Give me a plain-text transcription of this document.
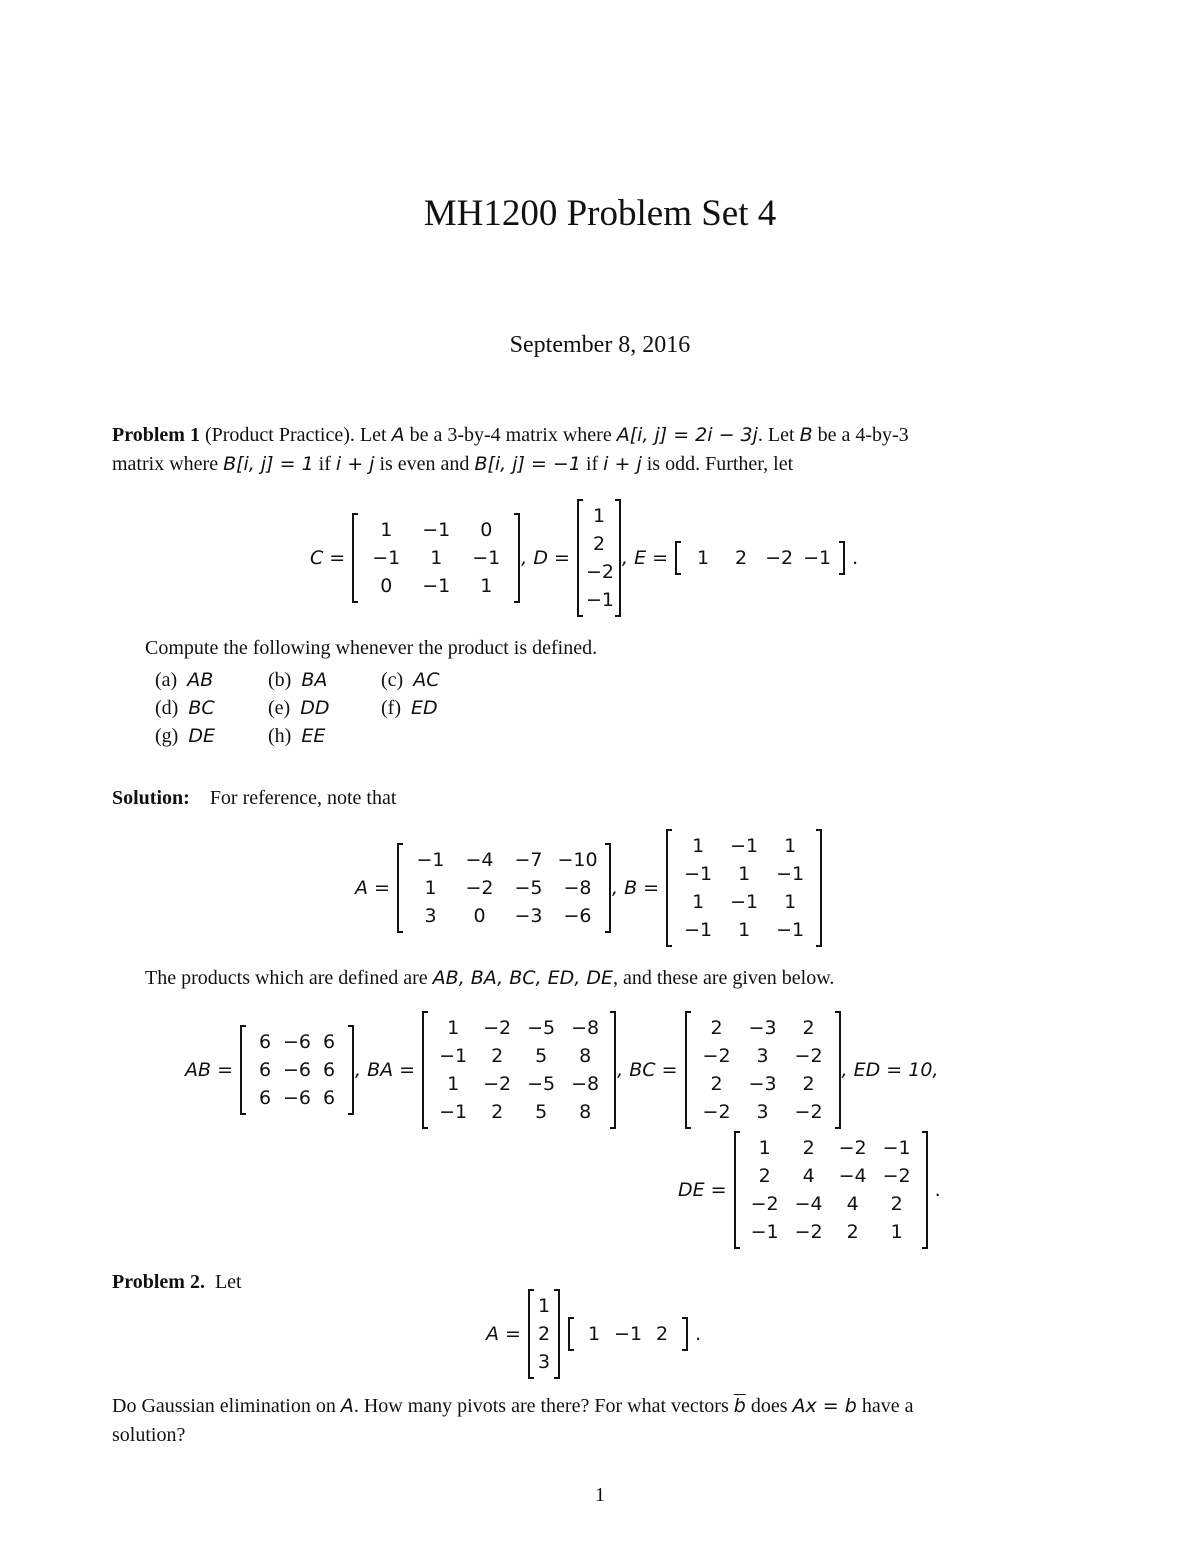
MH1200 Problem Set 4
September 8, 2016
Problem 1 (Product Practice). Let A be a 3-by-4 matrix where A[i, j] = 2i − 3j. Let B be a 4-by-3
matrix where B[i, j] = 1 if i + j is even and B[i, j] = −1 if i + j is odd. Further, let
C =
1	−1	0
−1	1	−1
0	−1	1
, D =
1
2
−2
−1
, E =	1	2 −2 −1 .
Compute the following whenever the product is defined.
(a)  AB	(b)  BA	(c)  AC
(d)  BC	(e)  DD	(f)  ED
(g)  DE	(h)  EE
Solution: For reference, note that
A =
−1	−4	−7 −10
1	−2	−5	−8
3	0	−3	−6
, B =
1	−1	1
−1	1	−1
1	−1	1
−1	1	−1
The products which are defined are AB, BA, BC, ED, DE, and these are given below.
AB =
6 −6 6
6 −6 6
6 −6 6
, BA =
1	−2 −5 −8
−1	2	5	8
1	−2 −5 −8
−1	2	5	8
, BC =
2	−3	2
−2	3	−2
2	−3	2
−2	3	−2
, ED = 10,
DE =
1	2	−2 −1
2	4	−4 −2
−2 −4	4	2
−1 −2	2	1
.
Problem 2. Let
A =
1
2
3

1 −1 2	.
Do Gaussian elimination on A. How many pivots are there? For what vectors $\overline{b}$ does Ax = b have a
solution?
1
